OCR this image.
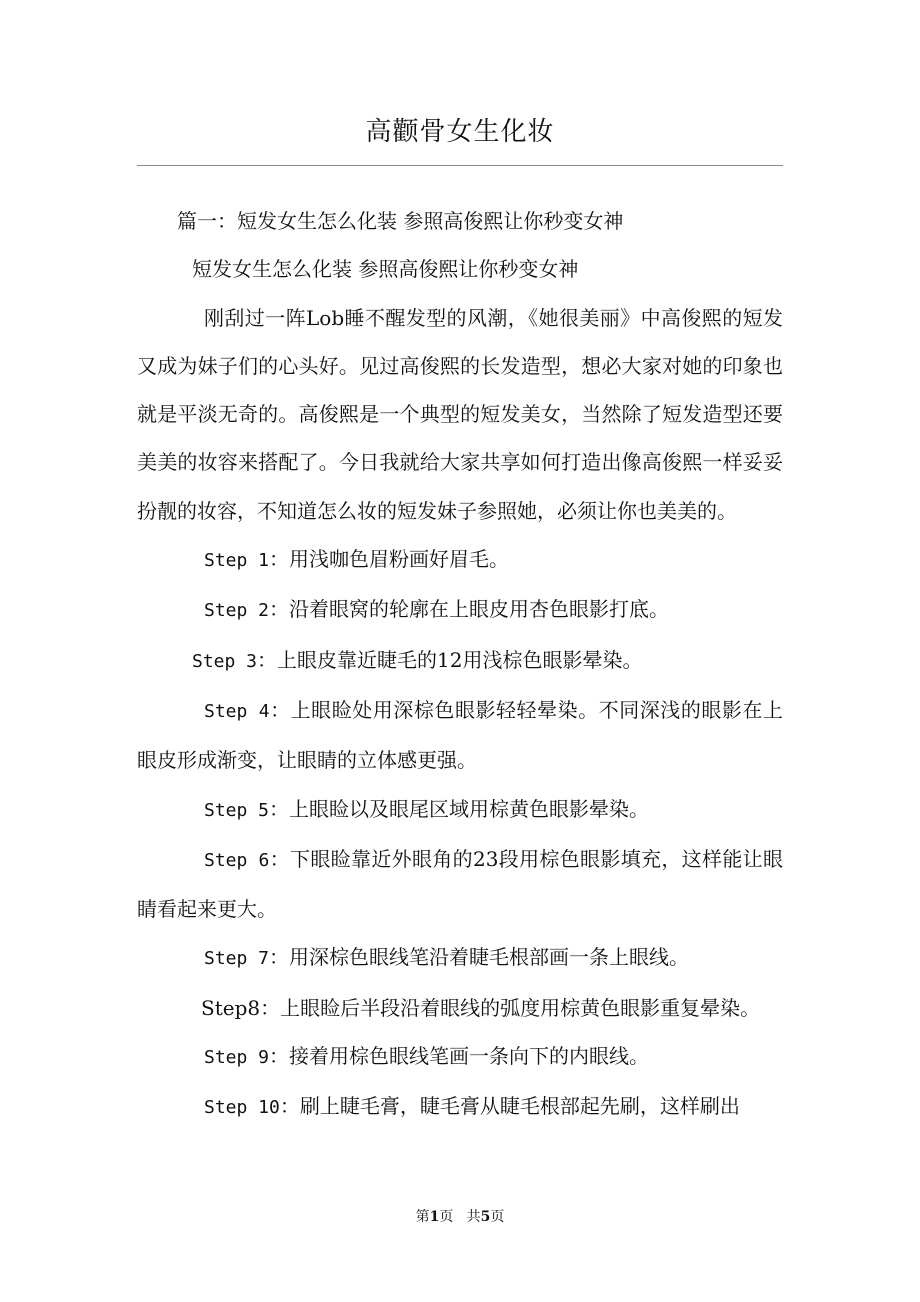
高颧骨女生化妆

篇一：短发女生怎么化装 参照高俊熙让你秒变女神

短发女生怎么化装 参照高俊熙让你秒变女神

刚刮过一阵Lob睡不醒发型的风潮，《她很美丽》中高俊熙的短发又成为妹子们的心头好。见过高俊熙的长发造型，想必大家对她的印象也就是平淡无奇的。高俊熙是一个典型的短发美女，当然除了短发造型还要美美的妆容来搭配了。今日我就给大家共享如何打造出像高俊熙一样妥妥扮靓的妆容，不知道怎么妆的短发妹子参照她，必须让你也美美的。

Step 1：用浅咖色眉粉画好眉毛。

Step 2：沿着眼窝的轮廓在上眼皮用杏色眼影打底。

Step 3：上眼皮靠近睫毛的12用浅棕色眼影晕染。

Step 4：上眼睑处用深棕色眼影轻轻晕染。不同深浅的眼影在上眼皮形成渐变，让眼睛的立体感更强。

Step 5：上眼睑以及眼尾区域用棕黄色眼影晕染。

Step 6：下眼睑靠近外眼角的23段用棕色眼影填充，这样能让眼睛看起来更大。

Step 7：用深棕色眼线笔沿着睫毛根部画一条上眼线。

Step8：上眼睑后半段沿着眼线的弧度用棕黄色眼影重复晕染。

Step 9：接着用棕色眼线笔画一条向下的内眼线。

Step 10：刷上睫毛膏，睫毛膏从睫毛根部起先刷，这样刷出

第1页   共5页
